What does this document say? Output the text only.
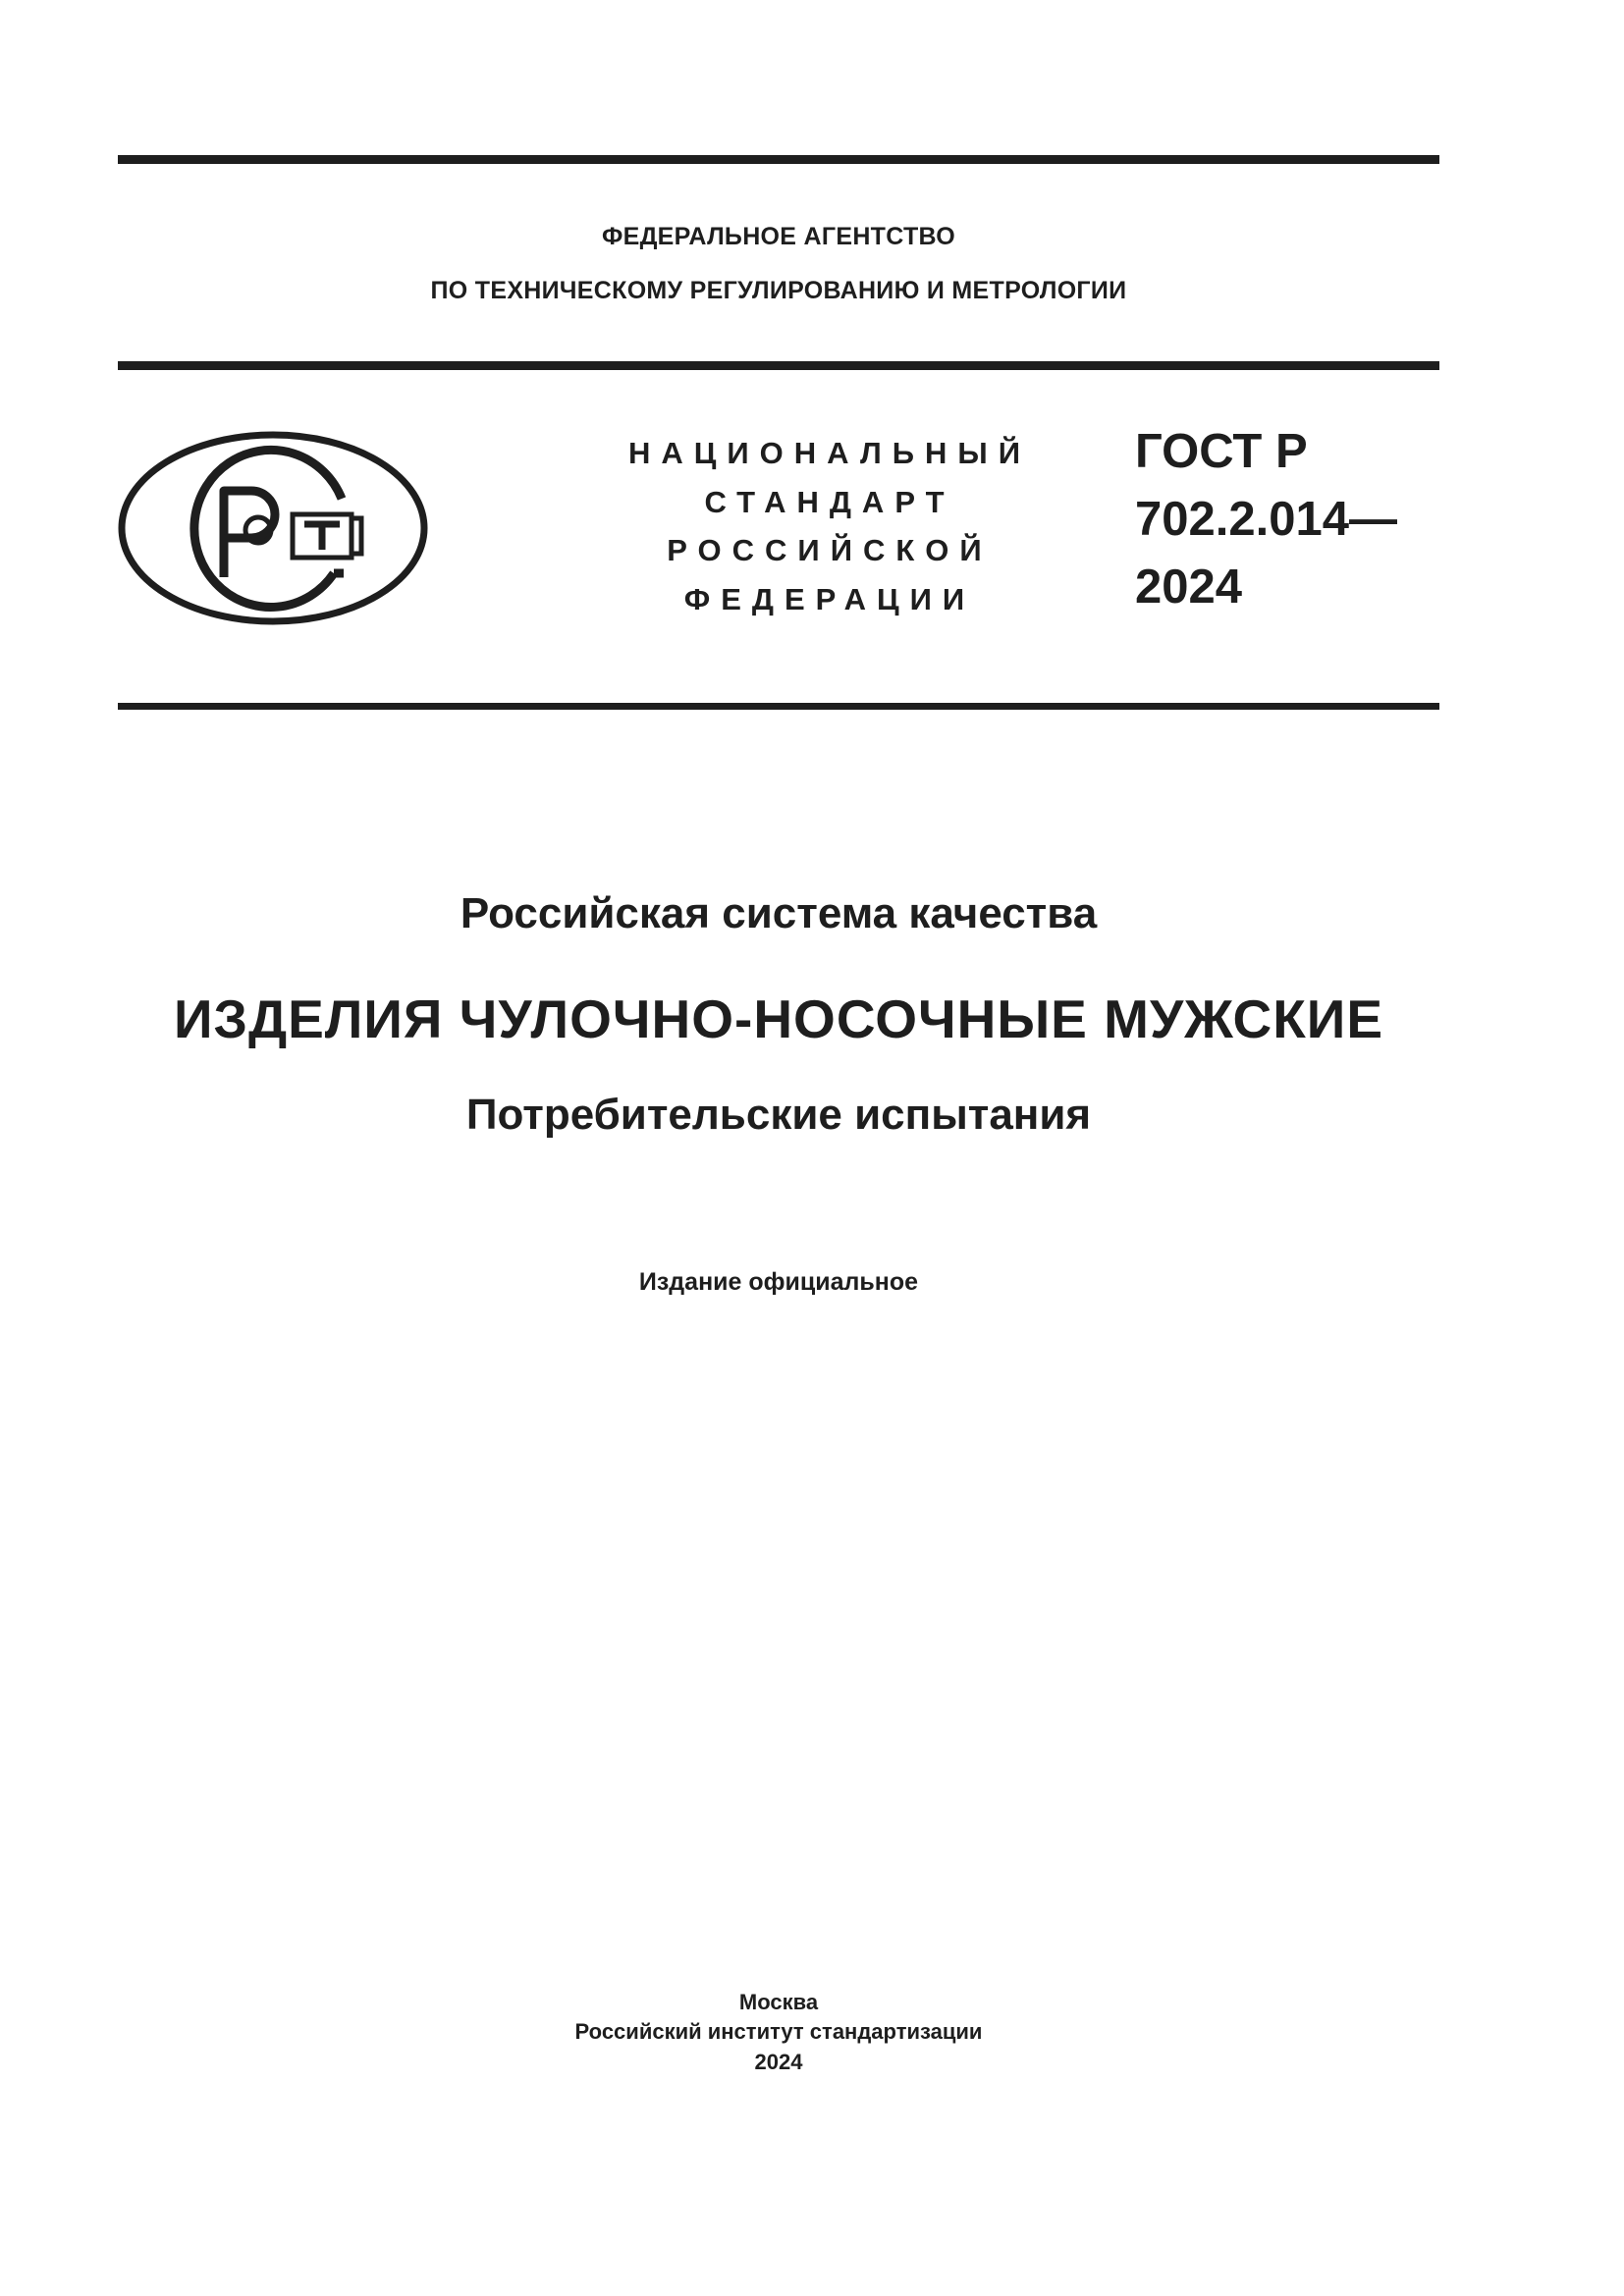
ФЕДЕРАЛЬНОЕ АГЕНТСТВО
ПО ТЕХНИЧЕСКОМУ РЕГУЛИРОВАНИЮ И МЕТРОЛОГИИ
НАЦИОНАЛЬНЫЙ
СТАНДАРТ
РОССИЙСКОЙ
ФЕДЕРАЦИИ
ГОСТ Р
702.2.014—
2024
Российская система качества
ИЗДЕЛИЯ ЧУЛОЧНО-НОСОЧНЫЕ МУЖСКИЕ
Потребительские испытания
Издание официальное
Москва
Российский институт стандартизации
2024
